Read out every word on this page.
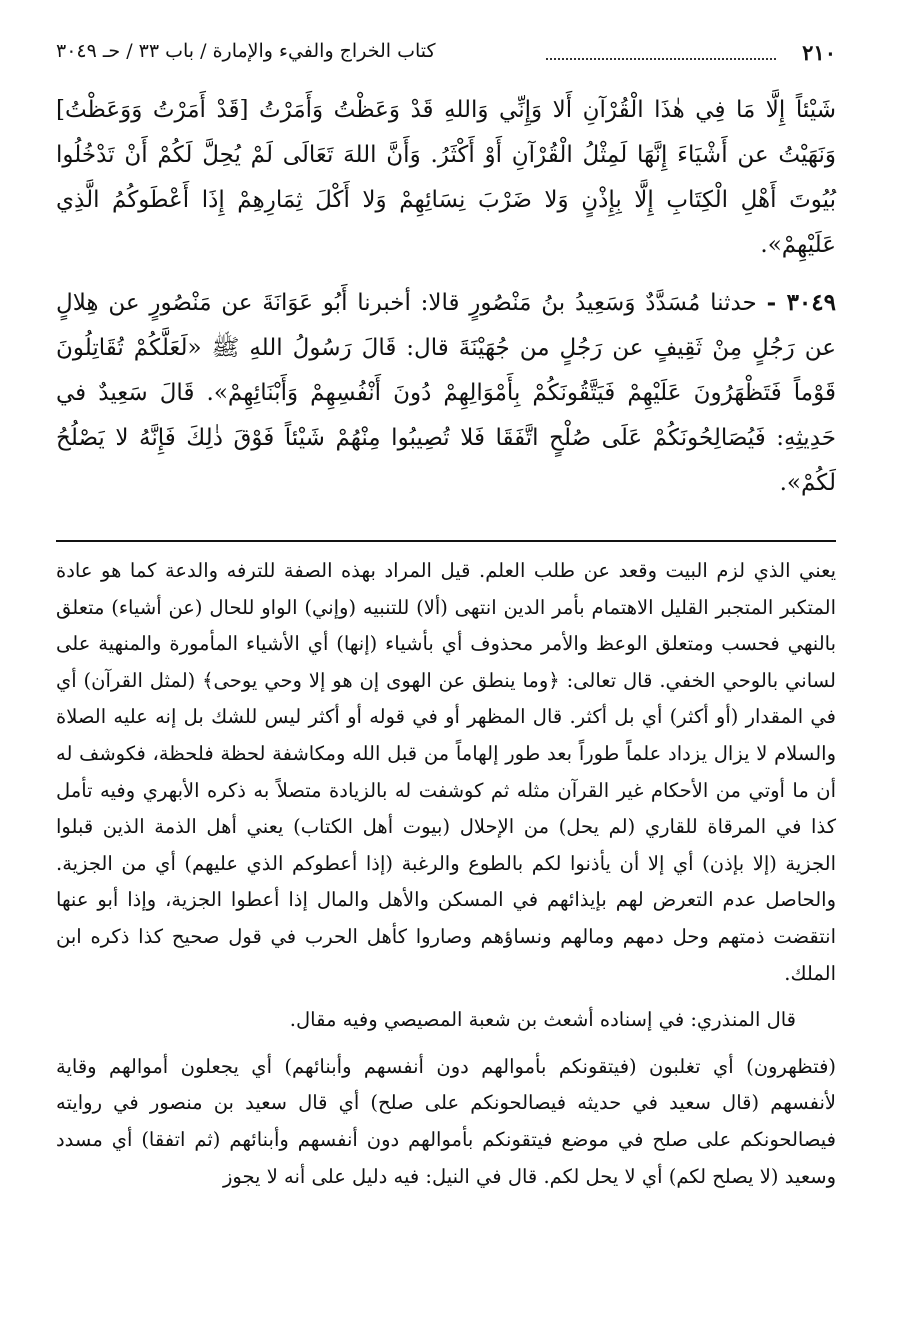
٢١٠
كتاب الخراج والفيء والإمارة / باب ٣٣ / حـ ٣٠٤٩

شَيْئاً إِلَّا مَا فِي هٰذَا الْقُرْآنِ أَلا وَإِنِّي وَاللهِ قَدْ وَعَظْتُ وَأَمَرْتُ [قَدْ أَمَرْتُ وَوَعَظْتُ] وَنَهَيْتُ عن أَشْيَاءَ إِنَّهَا لَمِثْلُ الْقُرْآنِ أَوْ أَكْثَرُ. وَأَنَّ اللهَ تَعَالَى لَمْ يُحِلَّ لَكُمْ أَنْ تَدْخُلُوا بُيُوتَ أَهْلِ الْكِتَابِ إِلَّا بِإِذْنٍ وَلا ضَرْبَ نِسَائِهِمْ وَلا أَكْلَ ثِمَارِهِمْ إِذَا أَعْطَوكُمُ الَّذِي عَلَيْهِمْ».

٣٠٤٩ - حدثنا مُسَدَّدٌ وَسَعِيدُ بنُ مَنْصُورٍ قالا: أخبرنا أَبُو عَوَانَةَ عن مَنْصُورٍ عن هِلالٍ عن رَجُلٍ مِنْ ثَقِيفٍ عن رَجُلٍ من جُهَيْنَةَ قال: قَالَ رَسُولُ اللهِ ﷺ «لَعَلَّكُمْ تُقَاتِلُونَ قَوْماً فَتَظْهَرُونَ عَلَيْهِمْ فَيَتَّقُونَكُمْ بِأَمْوَالِهِمْ دُونَ أَنْفُسِهِمْ وَأَبْنَائِهِمْ». قَالَ سَعِيدٌ في حَدِيثِهِ: فَيُصَالِحُونَكُمْ عَلَى صُلْحٍ اتَّفَقَا فَلا تُصِيبُوا مِنْهُمْ شَيْئاً فَوْقَ ذٰلِكَ فَإِنَّهُ لا يَصْلُحُ لَكُمْ».

يعني الذي لزم البيت وقعد عن طلب العلم. قيل المراد بهذه الصفة للترفه والدعة كما هو عادة المتكبر المتجبر القليل الاهتمام بأمر الدين انتهى (ألا) للتنبيه (وإني) الواو للحال (عن أشياء) متعلق بالنهي فحسب ومتعلق الوعظ والأمر محذوف أي بأشياء (إنها) أي الأشياء المأمورة والمنهية على لساني بالوحي الخفي. قال تعالى: ﴿وما ينطق عن الهوى إن هو إلا وحي يوحى﴾ (لمثل القرآن) أي في المقدار (أو أكثر) أي بل أكثر. قال المظهر أو في قوله أو أكثر ليس للشك بل إنه عليه الصلاة والسلام لا يزال يزداد علماً طوراً بعد طور إلهاماً من قبل الله ومكاشفة لحظة فلحظة، فكوشف له أن ما أوتي من الأحكام غير القرآن مثله ثم كوشفت له بالزيادة متصلاً به ذكره الأبهري وفيه تأمل كذا في المرقاة للقاري (لم يحل) من الإحلال (بيوت أهل الكتاب) يعني أهل الذمة الذين قبلوا الجزية (إلا بإذن) أي إلا أن يأذنوا لكم بالطوع والرغبة (إذا أعطوكم الذي عليهم) أي من الجزية. والحاصل عدم التعرض لهم بإيذائهم في المسكن والأهل والمال إذا أعطوا الجزية، وإذا أبو عنها انتقضت ذمتهم وحل دمهم ومالهم ونساؤهم وصاروا كأهل الحرب في قول صحيح كذا ذكره ابن الملك.

قال المنذري: في إسناده أشعث بن شعبة المصيصي وفيه مقال.

(فتظهرون) أي تغلبون (فيتقونكم بأموالهم دون أنفسهم وأبنائهم) أي يجعلون أموالهم وقاية لأنفسهم (قال سعيد في حديثه فيصالحونكم على صلح) أي قال سعيد بن منصور في روايته فيصالحونكم على صلح في موضع فيتقونكم بأموالهم دون أنفسهم وأبنائهم (ثم اتفقا) أي مسدد وسعيد (لا يصلح لكم) أي لا يحل لكم. قال في النيل: فيه دليل على أنه لا يجوز
